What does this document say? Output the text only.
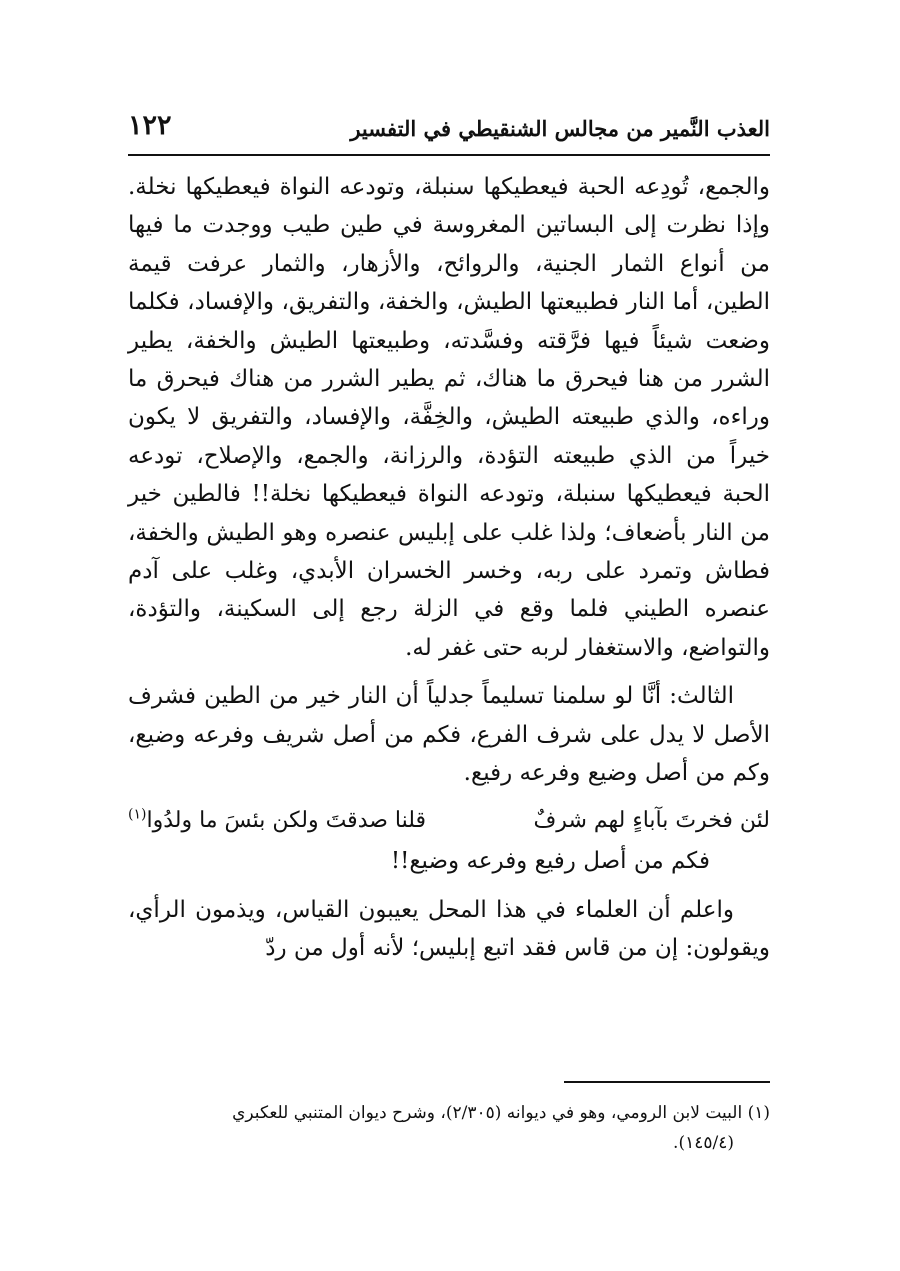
العذب النَّمير من مجالس الشنقيطي في التفسير
١٢٢

والجمع، تُودِعه الحبة فيعطيكها سنبلة، وتودعه النواة فيعطيكها نخلة. وإذا نظرت إلى البساتين المغروسة في طين طيب ووجدت ما فيها من أنواع الثمار الجنية، والروائح، والأزهار، والثمار عرفت قيمة الطين، أما النار فطبيعتها الطيش، والخفة، والتفريق، والإفساد، فكلما وضعت شيئاً فيها فرَّقته وفسَّدته، وطبيعتها الطيش والخفة، يطير الشرر من هنا فيحرق ما هناك، ثم يطير الشرر من هناك فيحرق ما وراءه، والذي طبيعته الطيش، والخِفَّة، والإفساد، والتفريق لا يكون خيراً من الذي طبيعته التؤدة، والرزانة، والجمع، والإصلاح، تودعه الحبة فيعطيكها سنبلة، وتودعه النواة فيعطيكها نخلة!! فالطين خير من النار بأضعاف؛ ولذا غلب على إبليس عنصره وهو الطيش والخفة، فطاش وتمرد على ربه، وخسر الخسران الأبدي، وغلب على آدم عنصره الطيني فلما وقع في الزلة رجع إلى السكينة، والتؤدة، والتواضع، والاستغفار لربه حتى غفر له.

الثالث: أنَّا لو سلمنا تسليماً جدلياً أن النار خير من الطين فشرف الأصل لا يدل على شرف الفرع، فكم من أصل شريف وفرعه وضيع، وكم من أصل وضيع وفرعه رفيع.

لئن فخرتَ بآباءٍ لهم شرفٌ
قلنا صدقتَ ولكن بئسَ ما ولدُوا$^{(١)}$

فكم من أصل رفيع وفرعه وضيع!!

واعلم أن العلماء في هذا المحل يعيبون القياس، ويذمون الرأي، ويقولون: إن من قاس فقد اتبع إبليس؛ لأنه أول من ردّ

(١) البيت لابن الرومي، وهو في ديوانه (٢/٣٠٥)، وشرح ديوان المتنبي للعكبري

(١٤٥/٤).
